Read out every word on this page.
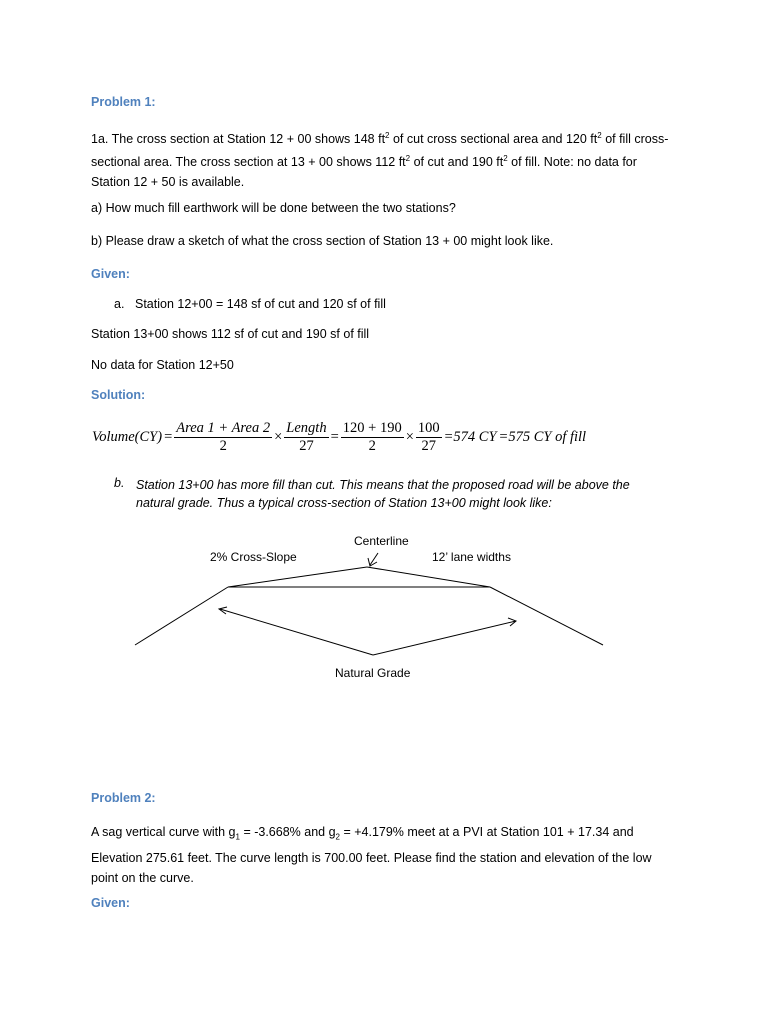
Problem 1:

1a. The cross section at Station 12 + 00 shows 148 $ft^2$ of cut cross sectional area and 120 $ft^2$ of fill cross-sectional area. The cross section at 13 + 00 shows 112 $ft^2$ of cut and 190 $ft^2$ of fill. Note: no data for Station 12 + 50 is available.

a) How much fill earthwork will be done between the two stations?

b) Please draw a sketch of what the cross section of Station 13 + 00 might look like.

Given:

a. Station 12+00 = 148 sf of cut and 120 sf of fill

Station 13+00 shows 112 sf of cut and 190 sf of fill

No data for Station 12+50

Solution:

Volume(CY) = $\frac{\text{Area 1 + Area 2}}{2} \times \frac{\text{Length}}{27} = \frac{120 + 190}{2} \times \frac{100}{27} =574$ CY =575 CY of fill

b. Station 13+00 has more fill than cut. This means that the proposed road will be above the natural grade. Thus a typical cross-section of Station 13+00 might look like:

Centerline
2% Cross-Slope	12’ lane widths
Natural Grade

Problem 2:

A sag vertical curve with $g_1 = -3.668\%$ and $g_2 = +4.179\%$ meet at a PVI at Station 101 + 17.34 and Elevation 275.61 feet. The curve length is 700.00 feet. Please find the station and elevation of the low point on the curve.

Given:
